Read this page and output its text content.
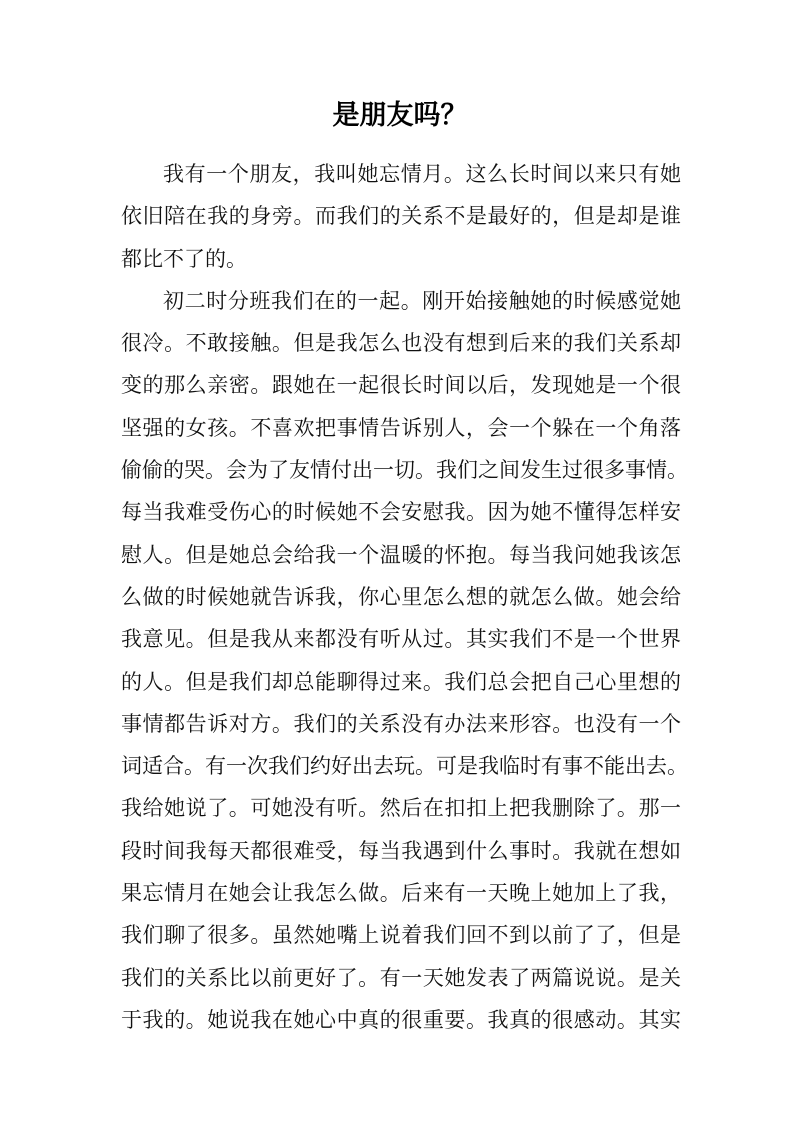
是朋友吗？
我有一个朋友，我叫她忘情月。这么长时间以来只有她
依旧陪在我的身旁。而我们的关系不是最好的，但是却是谁
都比不了的。
初二时分班我们在的一起。刚开始接触她的时候感觉她
很冷。不敢接触。但是我怎么也没有想到后来的我们关系却
变的那么亲密。跟她在一起很长时间以后，发现她是一个很
坚强的女孩。不喜欢把事情告诉别人，会一个躲在一个角落
偷偷的哭。会为了友情付出一切。我们之间发生过很多事情。
每当我难受伤心的时候她不会安慰我。因为她不懂得怎样安
慰人。但是她总会给我一个温暖的怀抱。每当我问她我该怎
么做的时候她就告诉我，你心里怎么想的就怎么做。她会给
我意见。但是我从来都没有听从过。其实我们不是一个世界
的人。但是我们却总能聊得过来。我们总会把自己心里想的
事情都告诉对方。我们的关系没有办法来形容。也没有一个
词适合。有一次我们约好出去玩。可是我临时有事不能出去。
我给她说了。可她没有听。然后在扣扣上把我删除了。那一
段时间我每天都很难受，每当我遇到什么事时。我就在想如
果忘情月在她会让我怎么做。后来有一天晚上她加上了我，
我们聊了很多。虽然她嘴上说着我们回不到以前了了，但是
我们的关系比以前更好了。有一天她发表了两篇说说。是关
于我的。她说我在她心中真的很重要。我真的很感动。其实
